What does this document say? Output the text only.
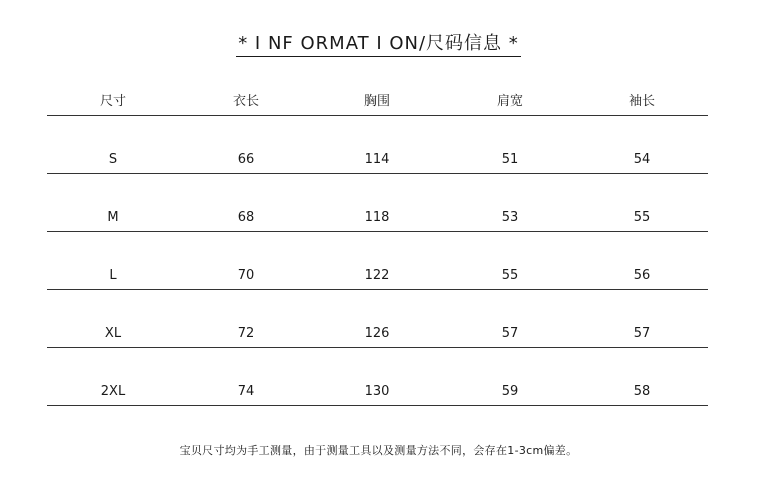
* I NF ORMAT I ON/尺码信息 *
尺寸	衣长	胸围	肩宽	袖长
S	66	114	51	54
M	68	118	53	55
L	70	122	55	56
XL	72	126	57	57
2XL	74	130	59	58
宝贝尺寸均为手工测量，由于测量工具以及测量方法不同，会存在1-3cm偏差。
